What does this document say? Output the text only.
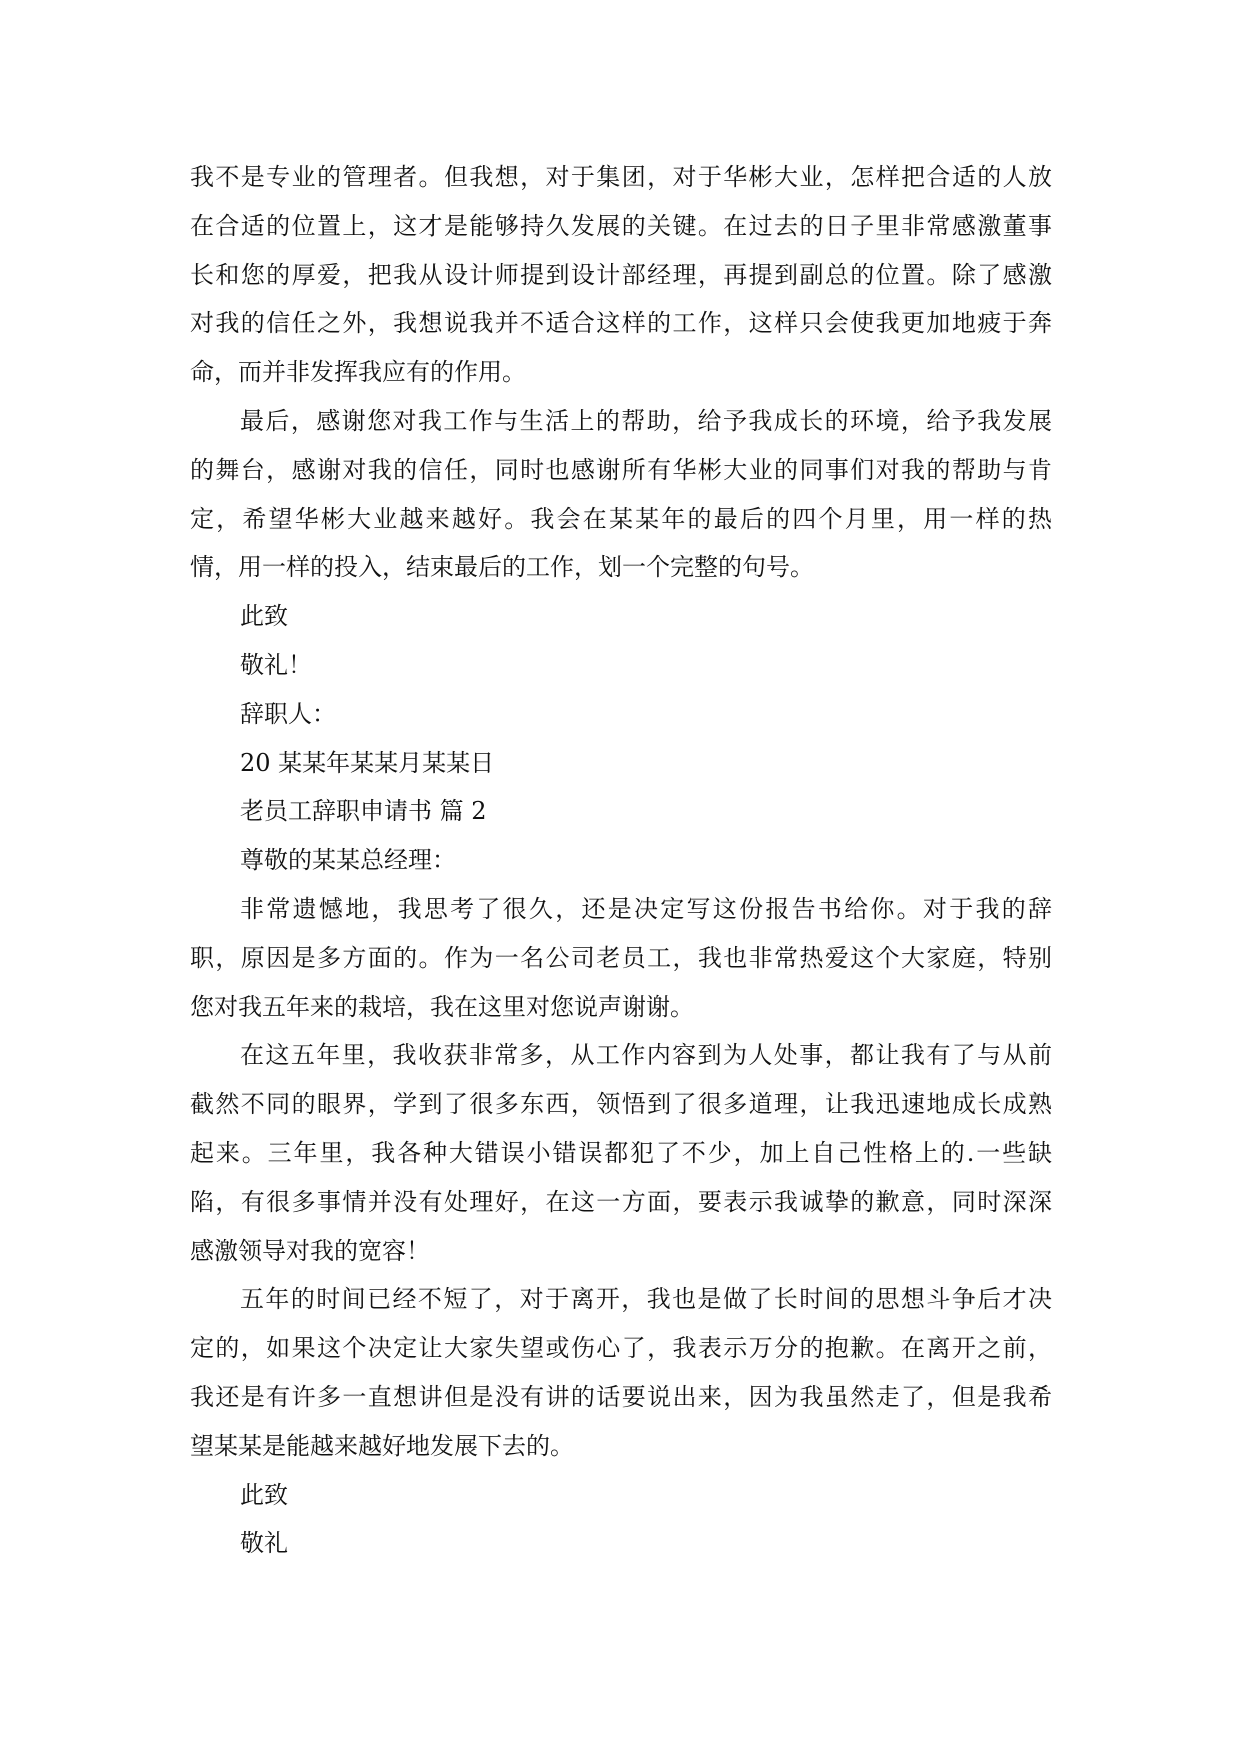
我不是专业的管理者。但我想，对于集团，对于华彬大业，怎样把合适的人放
在合适的位置上，这才是能够持久发展的关键。在过去的日子里非常感激董事
长和您的厚爱，把我从设计师提到设计部经理，再提到副总的位置。除了感激
对我的信任之外，我想说我并不适合这样的工作，这样只会使我更加地疲于奔
命，而并非发挥我应有的作用。
最后，感谢您对我工作与生活上的帮助，给予我成长的环境，给予我发展
的舞台，感谢对我的信任，同时也感谢所有华彬大业的同事们对我的帮助与肯
定，希望华彬大业越来越好。我会在某某年的最后的四个月里，用一样的热
情，用一样的投入，结束最后的工作，划一个完整的句号。
此致
敬礼！
辞职人：
20 某某年某某月某某日
老员工辞职申请书 篇 2
尊敬的某某总经理：
非常遗憾地，我思考了很久，还是决定写这份报告书给你。对于我的辞
职，原因是多方面的。作为一名公司老员工，我也非常热爱这个大家庭，特别
您对我五年来的栽培，我在这里对您说声谢谢。
在这五年里，我收获非常多，从工作内容到为人处事，都让我有了与从前
截然不同的眼界，学到了很多东西，领悟到了很多道理，让我迅速地成长成熟
起来。三年里，我各种大错误小错误都犯了不少，加上自己性格上的.一些缺
陷，有很多事情并没有处理好，在这一方面，要表示我诚挚的歉意，同时深深
感激领导对我的宽容！
五年的时间已经不短了，对于离开，我也是做了长时间的思想斗争后才决
定的，如果这个决定让大家失望或伤心了，我表示万分的抱歉。在离开之前，
我还是有许多一直想讲但是没有讲的话要说出来，因为我虽然走了，但是我希
望某某是能越来越好地发展下去的。
此致
敬礼
